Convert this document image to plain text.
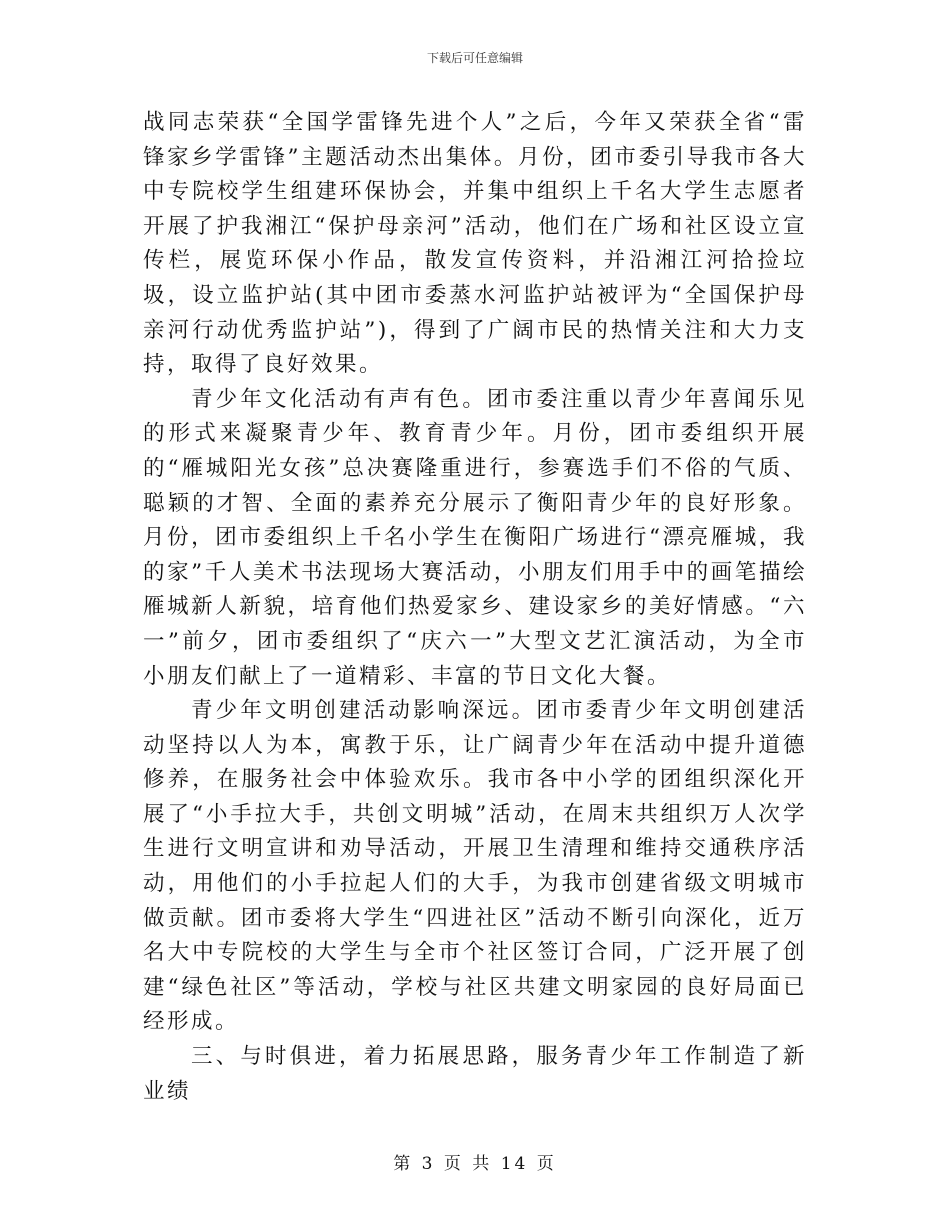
下载后可任意编辑

战同志荣获“全国学雷锋先进个人”之后，今年又荣获全省“雷锋家乡学雷锋”主题活动杰出集体。月份，团市委引导我市各大中专院校学生组建环保协会，并集中组织上千名大学生志愿者开展了护我湘江“保护母亲河”活动，他们在广场和社区设立宣传栏，展览环保小作品，散发宣传资料，并沿湘江河拾捡垃圾，设立监护站(其中团市委蒸水河监护站被评为“全国保护母亲河行动优秀监护站”)，得到了广阔市民的热情关注和大力支持，取得了良好效果。

青少年文化活动有声有色。团市委注重以青少年喜闻乐见的形式来凝聚青少年、教育青少年。月份，团市委组织开展的“雁城阳光女孩”总决赛隆重进行，参赛选手们不俗的气质、聪颖的才智、全面的素养充分展示了衡阳青少年的良好形象。月份，团市委组织上千名小学生在衡阳广场进行“漂亮雁城，我的家”千人美术书法现场大赛活动，小朋友们用手中的画笔描绘雁城新人新貌，培育他们热爱家乡、建设家乡的美好情感。“六一”前夕，团市委组织了“庆六一”大型文艺汇演活动，为全市小朋友们献上了一道精彩、丰富的节日文化大餐。

青少年文明创建活动影响深远。团市委青少年文明创建活动坚持以人为本，寓教于乐，让广阔青少年在活动中提升道德修养，在服务社会中体验欢乐。我市各中小学的团组织深化开展了“小手拉大手，共创文明城”活动，在周末共组织万人次学生进行文明宣讲和劝导活动，开展卫生清理和维持交通秩序活动，用他们的小手拉起人们的大手，为我市创建省级文明城市做贡献。团市委将大学生“四进社区”活动不断引向深化，近万名大中专院校的大学生与全市个社区签订合同，广泛开展了创建“绿色社区”等活动，学校与社区共建文明家园的良好局面已经形成。

三、与时俱进，着力拓展思路，服务青少年工作制造了新业绩

第 3 页 共 14 页
